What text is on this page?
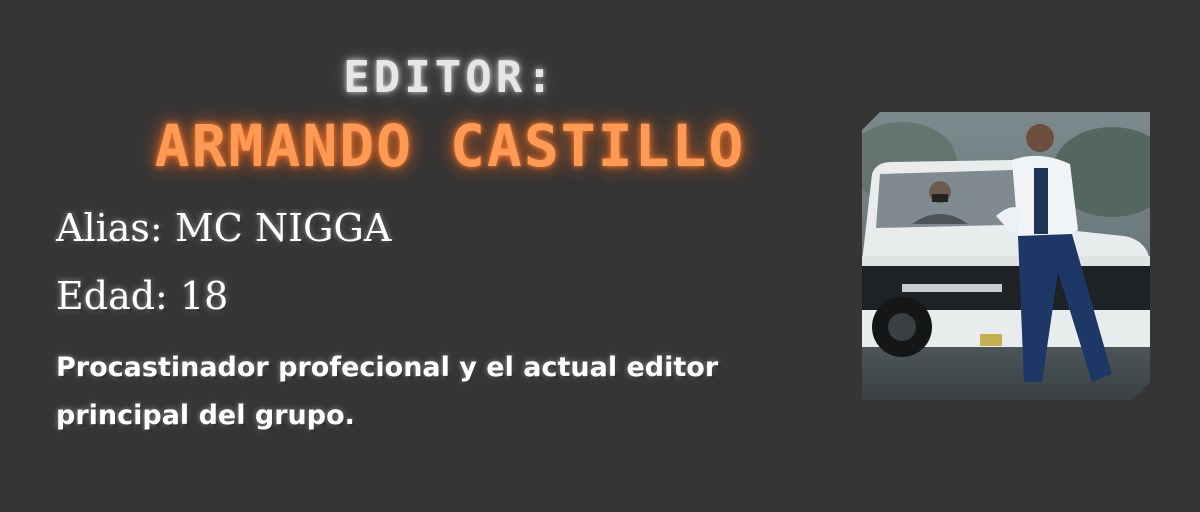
EDITOR:
ARMANDO CASTILLO
Alias: MC NIGGA
Edad: 18
Procastinador profecional y el actual editor principal del grupo.
